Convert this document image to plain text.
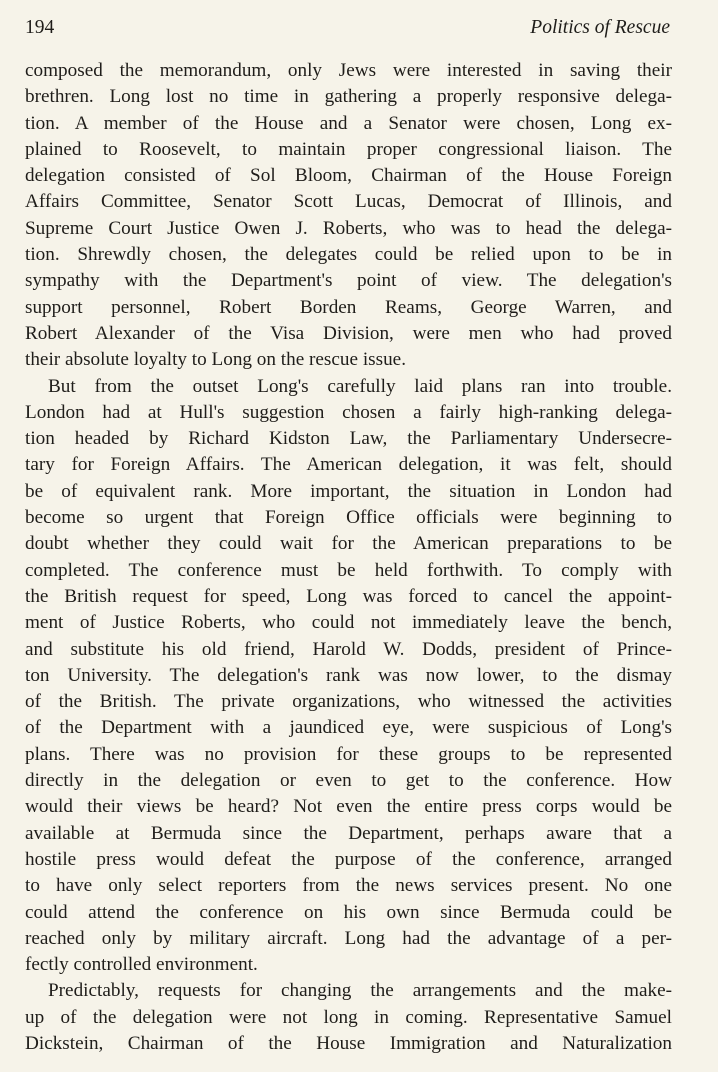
194	Politics of Rescue
composed the memorandum, only Jews were interested in saving their
brethren. Long lost no time in gathering a properly responsive delega-
tion. A member of the House and a Senator were chosen, Long ex-
plained to Roosevelt, to maintain proper congressional liaison. The
delegation consisted of Sol Bloom, Chairman of the House Foreign
Affairs Committee, Senator Scott Lucas, Democrat of Illinois, and
Supreme Court Justice Owen J. Roberts, who was to head the delega-
tion. Shrewdly chosen, the delegates could be relied upon to be in
sympathy with the Department's point of view. The delegation's
support personnel, Robert Borden Reams, George Warren, and
Robert Alexander of the Visa Division, were men who had proved
their absolute loyalty to Long on the rescue issue.
But from the outset Long's carefully laid plans ran into trouble.
London had at Hull's suggestion chosen a fairly high-ranking delega-
tion headed by Richard Kidston Law, the Parliamentary Undersecre-
tary for Foreign Affairs. The American delegation, it was felt, should
be of equivalent rank. More important, the situation in London had
become so urgent that Foreign Office officials were beginning to
doubt whether they could wait for the American preparations to be
completed. The conference must be held forthwith. To comply with
the British request for speed, Long was forced to cancel the appoint-
ment of Justice Roberts, who could not immediately leave the bench,
and substitute his old friend, Harold W. Dodds, president of Prince-
ton University. The delegation's rank was now lower, to the dismay
of the British. The private organizations, who witnessed the activities
of the Department with a jaundiced eye, were suspicious of Long's
plans. There was no provision for these groups to be represented
directly in the delegation or even to get to the conference. How
would their views be heard? Not even the entire press corps would be
available at Bermuda since the Department, perhaps aware that a
hostile press would defeat the purpose of the conference, arranged
to have only select reporters from the news services present. No one
could attend the conference on his own since Bermuda could be
reached only by military aircraft. Long had the advantage of a per-
fectly controlled environment.
Predictably, requests for changing the arrangements and the make-
up of the delegation were not long in coming. Representative Samuel
Dickstein, Chairman of the House Immigration and Naturalization
